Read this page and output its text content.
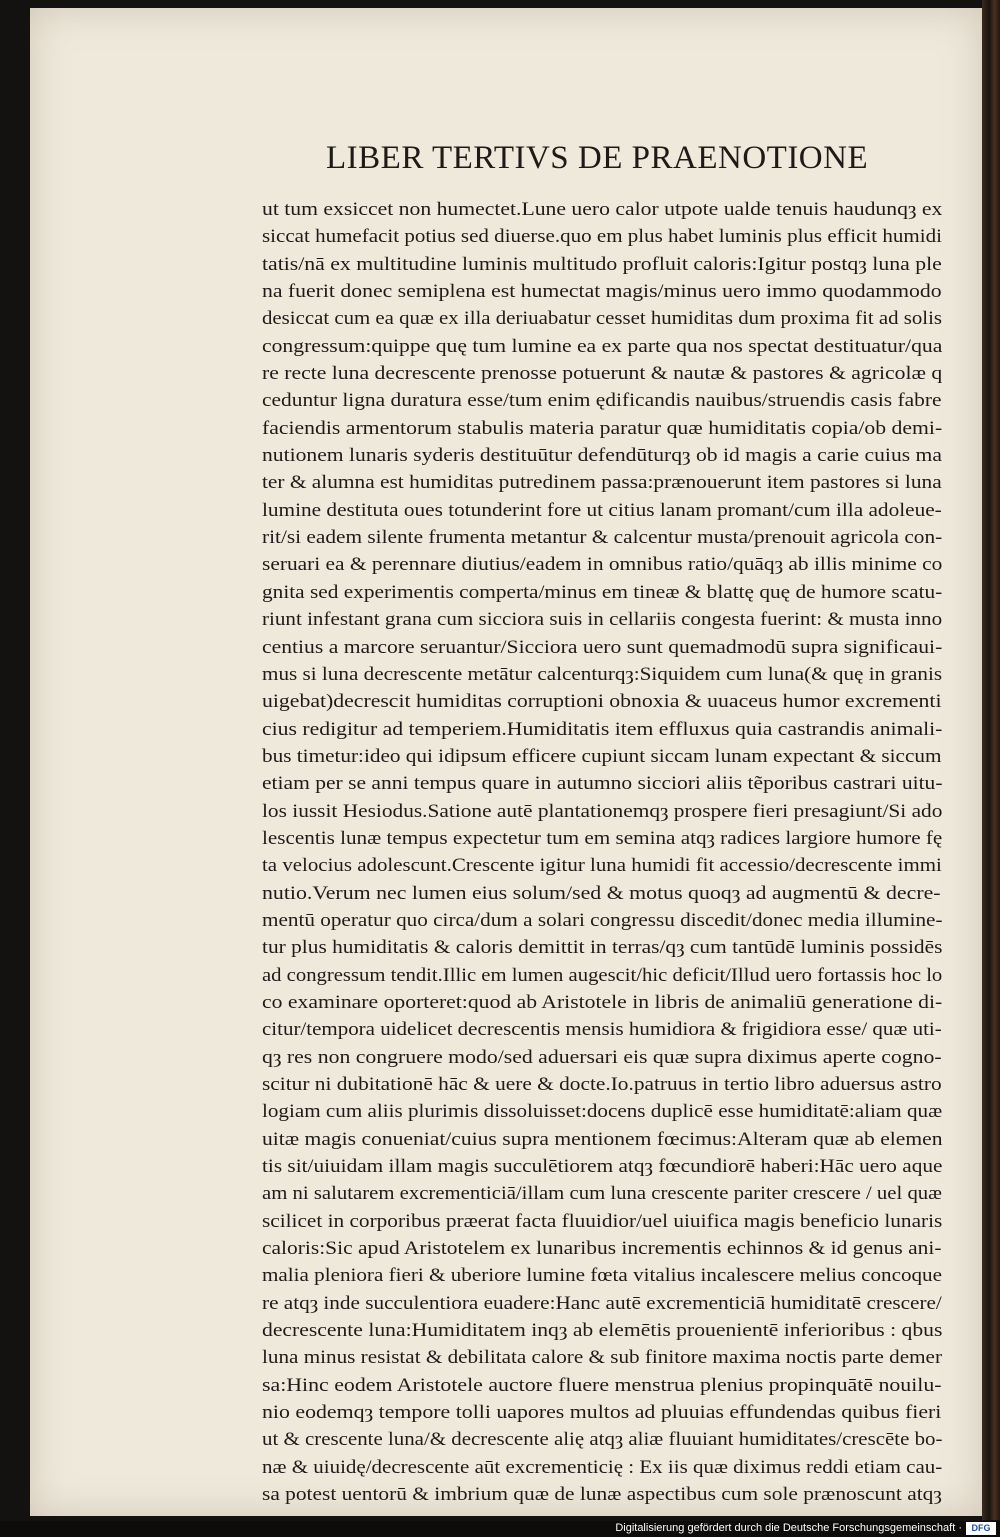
LIBER TERTIVS DE PRAENOTIONE
ut tum exsiccet non humectet.Lune uero calor utpote ualde tenuis haudunqȝ ex
siccat humefacit potius sed diuerse.quo em plus habet luminis plus efficit humidi
tatis/nā ex multitudine luminis multitudo profluit caloris:Igitur postqȝ luna ple
na fuerit donec semiplena est humectat magis/minus uero immo quodammodo
desiccat cum ea quæ ex illa deriuabatur cesset humiditas dum proxima fit ad solis
congressum:quippe quę tum lumine ea ex parte qua nos spectat destituatur/qua
re recte luna decrescente prenosse potuerunt & nautæ & pastores & agricolæ q
ceduntur ligna duratura esse/tum enim ędificandis nauibus/struendis casis fabre
faciendis armentorum stabulis materia paratur quæ humiditatis copia/ob demi-
nutionem lunaris syderis destituūtur defendūturqȝ ob id magis a carie cuius ma
ter & alumna est humiditas putredinem passa:prænouerunt item pastores si luna
lumine destituta oues totunderint fore ut citius lanam promant/cum illa adoleue-
rit/si eadem silente frumenta metantur & calcentur musta/prenouit agricola con-
seruari ea & perennare diutius/eadem in omnibus ratio/quāqȝ ab illis minime co
gnita sed experimentis comperta/minus em tineæ & blattę quę de humore scatu-
riunt infestant grana cum sicciora suis in cellariis congesta fuerint: & musta inno
centius a marcore seruantur/Sicciora uero sunt quemadmodū supra significaui-
mus si luna decrescente metātur calcenturqȝ:Siquidem cum luna(& quę in granis
uigebat)decrescit humiditas corruptioni obnoxia & uuaceus humor excrementi
cius redigitur ad temperiem.Humiditatis item effluxus quia castrandis animali-
bus timetur:ideo qui idipsum efficere cupiunt siccam lunam expectant & siccum
etiam per se anni tempus quare in autumno sicciori aliis tẽporibus castrari uitu-
los iussit Hesiodus.Satione autē plantationemqȝ prospere fieri presagiunt/Si ado
lescentis lunæ tempus expectetur tum em semina atqȝ radices largiore humore fę
ta velocius adolescunt.Crescente igitur luna humidi fit accessio/decrescente immi
nutio.Verum nec lumen eius solum/sed & motus quoqȝ ad augmentū & decre-
mentū operatur quo circa/dum a solari congressu discedit/donec media illumine-
tur plus humiditatis & caloris demittit in terras/qȝ cum tantūdē luminis possidēs
ad congressum tendit.Illic em lumen augescit/hic deficit/Illud uero fortassis hoc lo
co examinare oporteret:quod ab Aristotele in libris de animaliū generatione di-
citur/tempora uidelicet decrescentis mensis humidiora & frigidiora esse/ quæ uti-
qȝ res non congruere modo/sed aduersari eis quæ supra diximus aperte cogno-
scitur ni dubitationē hāc & uere & docte.Io.patruus in tertio libro aduersus astro
logiam cum aliis plurimis dissoluisset:docens duplicē esse humiditatē:aliam quæ
uitæ magis conueniat/cuius supra mentionem fœcimus:Alteram quæ ab elemen
tis sit/uiuidam illam magis succulētiorem atqȝ fœcundiorē haberi:Hāc uero aque
am ni salutarem excrementiciā/illam cum luna crescente pariter crescere / uel quæ
scilicet in corporibus præerat facta fluuidior/uel uiuifica magis beneficio lunaris
caloris:Sic apud Aristotelem ex lunaribus incrementis echinnos & id genus ani-
malia pleniora fieri & uberiore lumine fœta vitalius incalescere melius concoque
re atqȝ inde succulentiora euadere:Hanc autē excrementiciā humiditatē crescere/
decrescente luna:Humiditatem inqȝ ab elemētis prouenientē inferioribus : qbus
luna minus resistat & debilitata calore & sub finitore maxima noctis parte demer
sa:Hinc eodem Aristotele auctore fluere menstrua plenius propinquātē nouilu-
nio eodemqȝ tempore tolli uapores multos ad pluuias effundendas quibus fieri
ut & crescente luna/& decrescente alię atqȝ aliæ fluuiant humiditates/crescēte bo-
næ & uiuidę/decrescente aūt excrementicię : Ex iis quæ diximus reddi etiam cau-
sa potest uentorū & imbrium quæ de lunæ aspectibus cum sole prænoscunt atqȝ
Digitalisierung gefördert durch die Deutsche Forschungsgemeinschaft ·	DFG
